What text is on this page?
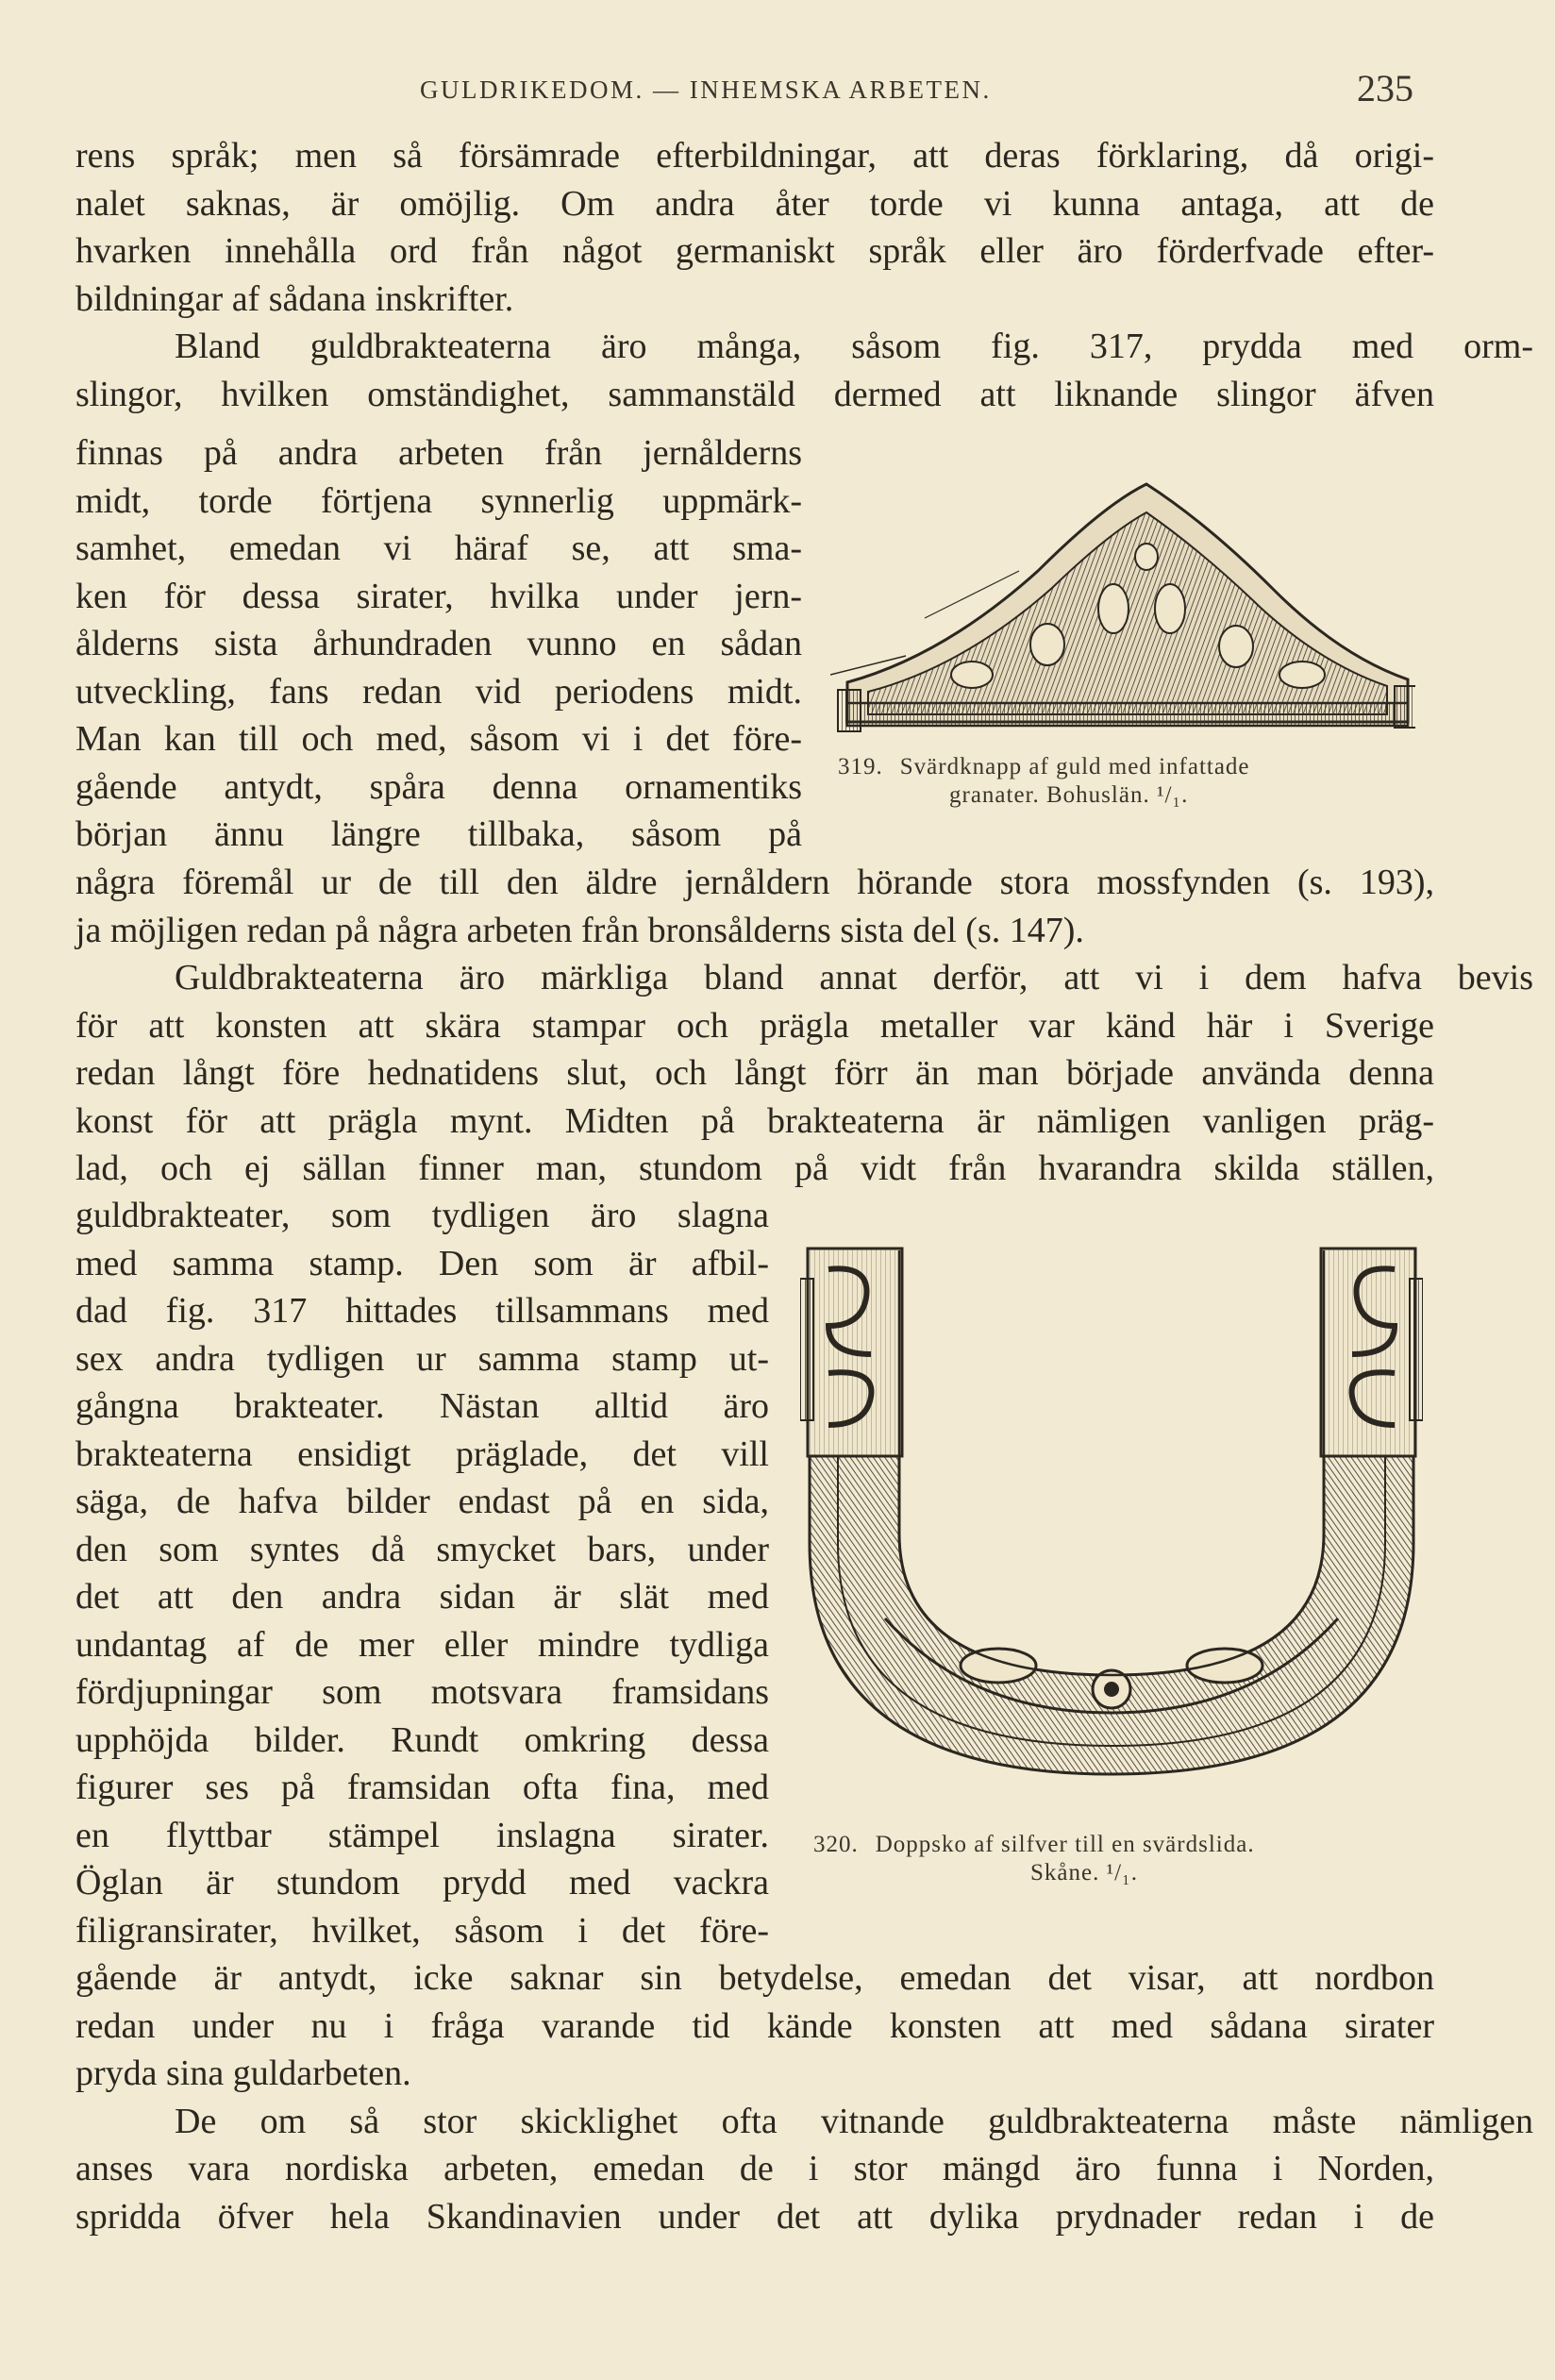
GULDRIKEDOM. — INHEMSKA ARBETEN.	235
rens språk; men så försämrade efterbildningar, att deras förklaring, då origi-
nalet saknas, är omöjlig. Om andra åter torde vi kunna antaga, att de
hvarken innehålla ord från något germaniskt språk eller äro förderfvade efter-
bildningar af sådana inskrifter.
Bland guldbrakteaterna äro många, såsom fig. 317, prydda med orm-
slingor, hvilken omständighet, sammanstäld dermed att liknande slingor äfven
finnas på andra arbeten från jernålderns
midt, torde förtjena synnerlig uppmärk-
samhet, emedan vi häraf se, att sma-
ken för dessa sirater, hvilka under jern-
ålderns sista århundraden vunno en sådan
utveckling, fans redan vid periodens midt.
Man kan till och med, såsom vi i det före-
gående antydt, spåra denna ornamentiks
början ännu längre tillbaka, såsom på
319. Svärdknapp af guld med infattade
granater. Bohuslän. ¹/₁.
några föremål ur de till den äldre jernåldern hörande stora mossfynden (s. 193),
ja möjligen redan på några arbeten från bronsålderns sista del (s. 147).
Guldbrakteaterna äro märkliga bland annat derför, att vi i dem hafva bevis
för att konsten att skära stampar och prägla metaller var känd här i Sverige
redan långt före hednatidens slut, och långt förr än man började använda denna
konst för att prägla mynt. Midten på brakteaterna är nämligen vanligen präg-
lad, och ej sällan finner man, stundom på vidt från hvarandra skilda ställen,
guldbrakteater, som tydligen äro slagna
med samma stamp. Den som är afbil-
dad fig. 317 hittades tillsammans med
sex andra tydligen ur samma stamp ut-
gångna brakteater. Nästan alltid äro
brakteaterna ensidigt präglade, det vill
säga, de hafva bilder endast på en sida,
den som syntes då smycket bars, under
det att den andra sidan är slät med
undantag af de mer eller mindre tydliga
fördjupningar som motsvara framsidans
upphöjda bilder. Rundt omkring dessa
figurer ses på framsidan ofta fina, med
en flyttbar stämpel inslagna sirater.
Öglan är stundom prydd med vackra
filigransirater, hvilket, såsom i det före-
320. Doppsko af silfver till en svärdslida.
Skåne. ¹/₁.
gående är antydt, icke saknar sin betydelse, emedan det visar, att nordbon
redan under nu i fråga varande tid kände konsten att med sådana sirater
pryda sina guldarbeten.
De om så stor skicklighet ofta vitnande guldbrakteaterna måste nämligen
anses vara nordiska arbeten, emedan de i stor mängd äro funna i Norden,
spridda öfver hela Skandinavien under det att dylika prydnader redan i de
